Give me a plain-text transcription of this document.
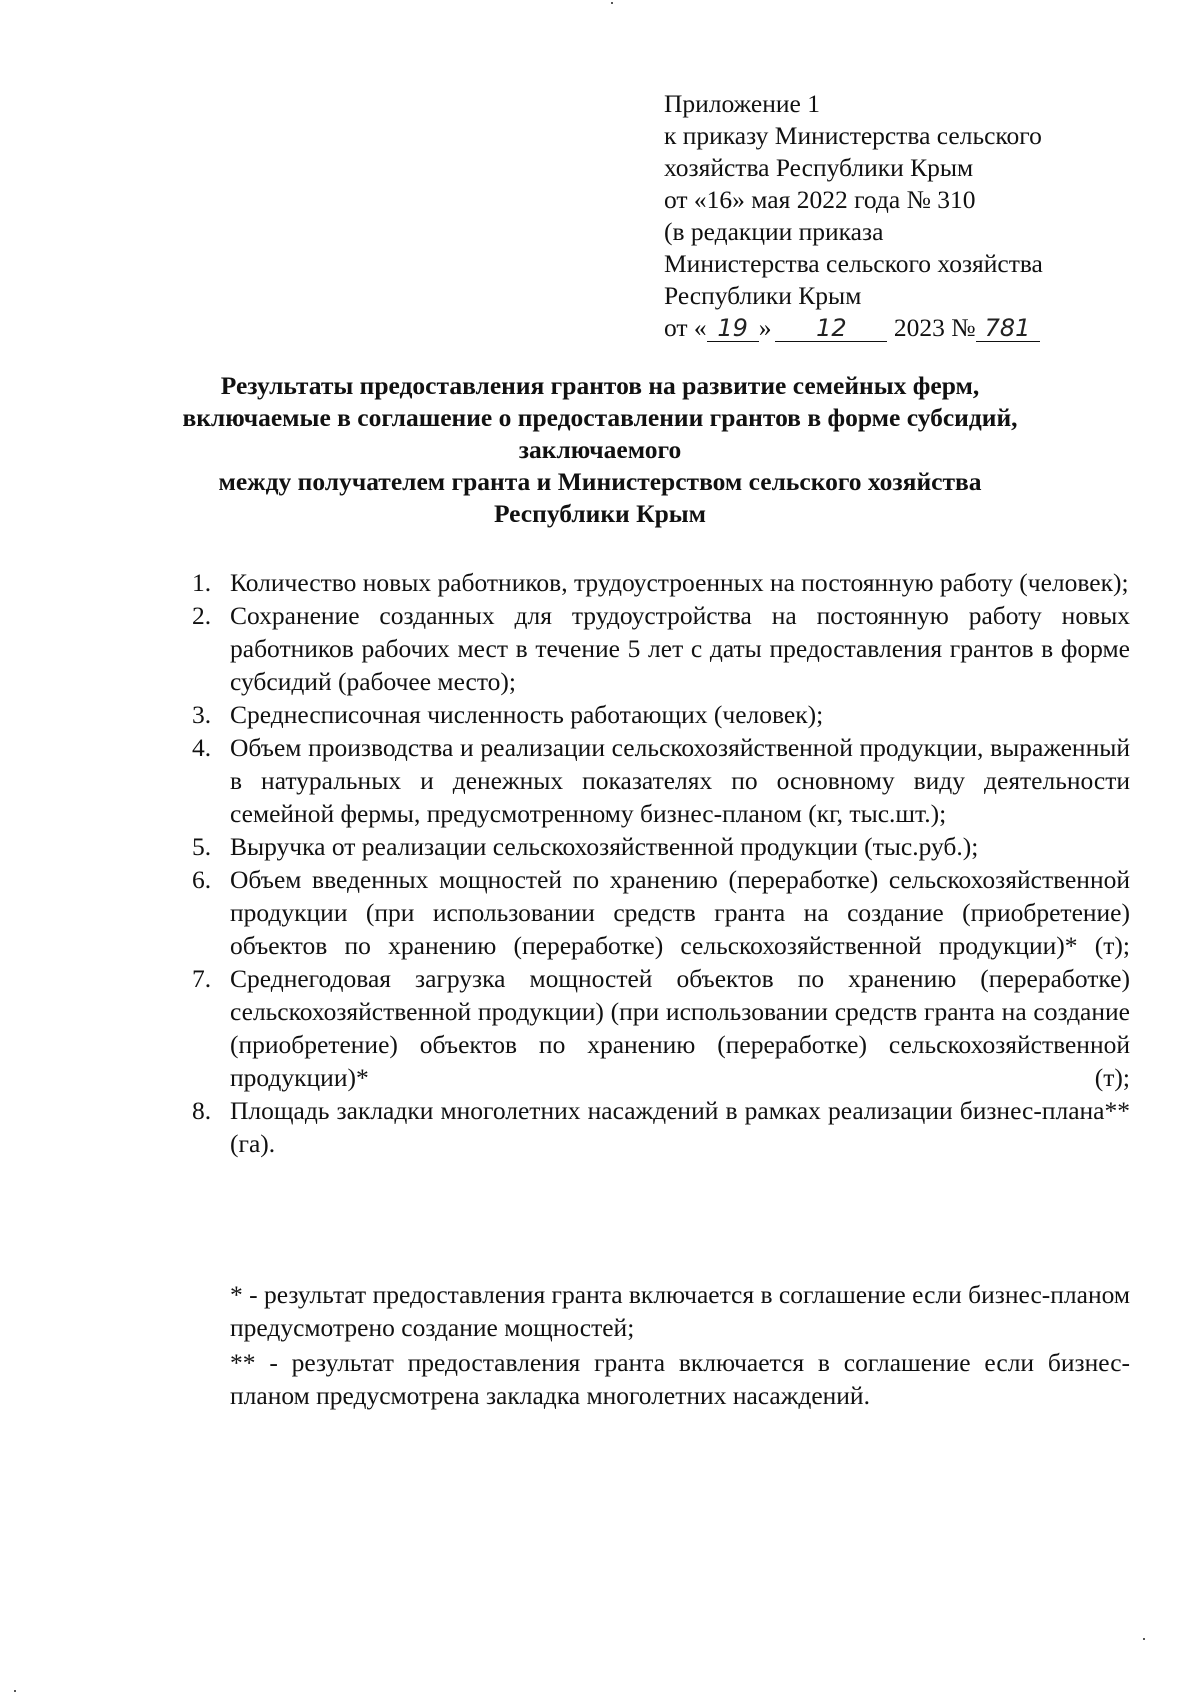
Приложение 1
к приказу Министерства сельского
хозяйства Республики Крым
от «16» мая 2022 года № 310
(в редакции приказа
Министерства сельского хозяйства
Республики Крым
от « 19 » 12 2023 № 781
Результаты предоставления грантов на развитие семейных ферм,
включаемые в соглашение о предоставлении грантов в форме субсидий,
заключаемого
между получателем гранта и Министерством сельского хозяйства
Республики Крым
1. Количество новых работников, трудоустроенных на постоянную работу (человек);
2. Сохранение созданных для трудоустройства на постоянную работу новых работников рабочих мест в течение 5 лет с даты предоставления грантов в форме субсидий (рабочее место);
3. Среднесписочная численность работающих (человек);
4. Объем производства и реализации сельскохозяйственной продукции, выраженный в натуральных и денежных показателях по основному виду деятельности семейной фермы, предусмотренному бизнес-планом (кг, тыс.шт.);
5. Выручка от реализации сельскохозяйственной продукции (тыс.руб.);
6. Объем введенных мощностей по хранению (переработке) сельскохозяйственной продукции (при использовании средств гранта на создание (приобретение) объектов по хранению (переработке) сельскохозяйственной продукции)* (т);
7. Среднегодовая загрузка мощностей объектов по хранению (переработке) сельскохозяйственной продукции) (при использовании средств гранта на создание (приобретение) объектов по хранению (переработке) сельскохозяйственной продукции)* (т);
8. Площадь закладки многолетних насаждений в рамках реализации бизнес-плана** (га).
* - результат предоставления гранта включается в соглашение если бизнес-планом предусмотрено создание мощностей;
** - результат предоставления гранта включается в соглашение если бизнес-планом предусмотрена закладка многолетних насаждений.
